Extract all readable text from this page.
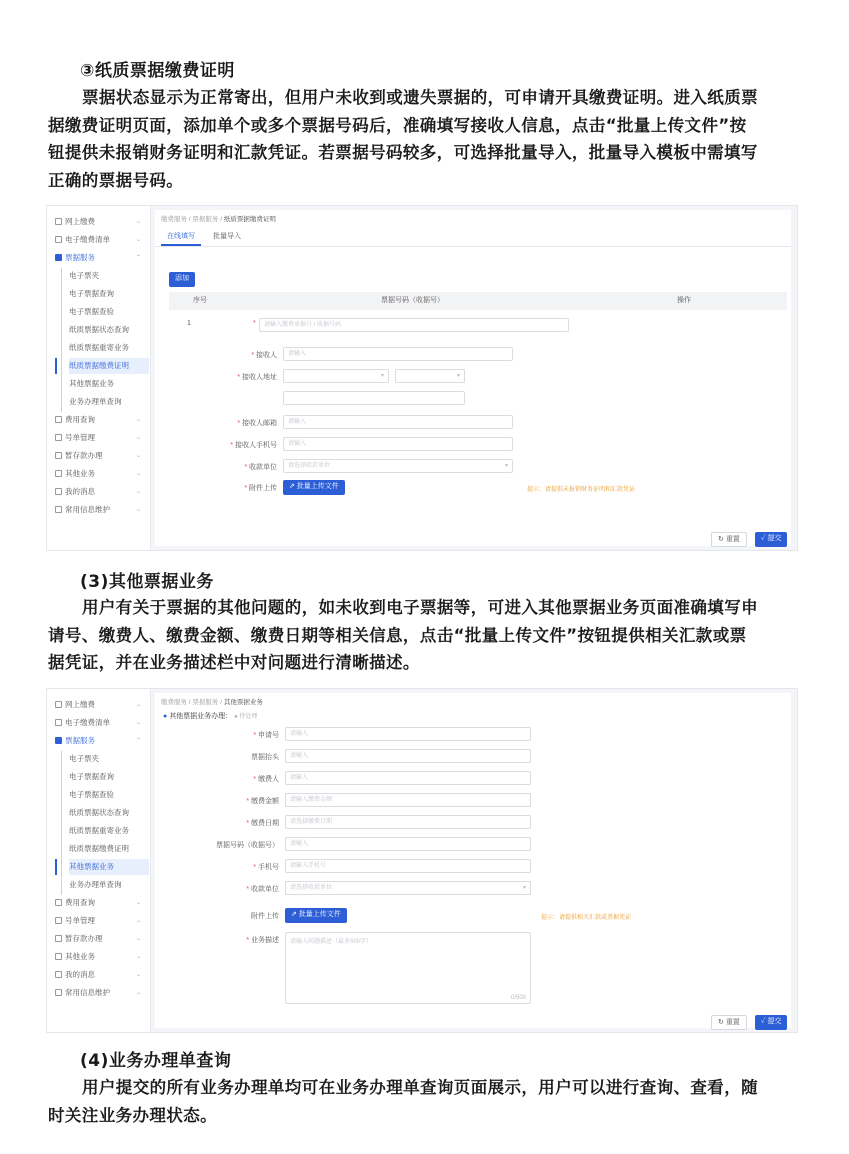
③纸质票据缴费证明
票据状态显示为正常寄出，但用户未收到或遗失票据的，可申请开具缴费证明。进入纸质票
据缴费证明页面，添加单个或多个票据号码后，准确填写接收人信息，点击“批量上传文件”按
钮提供未报销财务证明和汇款凭证。若票据号码较多，可选择批量导入，批量导入模板中需填写
正确的票据号码。
⌄
网上缴费
⌄
电子缴费清单
⌃
票据服务
电子票夹
电子票据查询
电子票据查验
纸质票据状态查询
纸质票据重寄业务
纸质票据缴费证明
其他票据业务
业务办理单查询
⌄
费用查询
⌄
号单管理
⌄
暂存款办理
⌄
其他业务
⌄
我的消息
⌄
常用信息维护
缴费服务 / 票据服务 / 纸质票据缴费证明
在线填写	批量导入
添加
序号	票据号码（收据号）	操作
1	*	请输入缴费单据号 / 收据号码
* 接收人	请输入
* 接收人地址	▾	▾
* 接收人邮箱	请输入
* 接收人手机号	请输入
* 收款单位	请选择收款单位	▾
* 附件上传	⇗ 批量上传文件	提示：请提供未报销财务证明和汇款凭证
↻ 重置	✓ 提交
(3)其他票据业务
用户有关于票据的其他问题的，如未收到电子票据等，可进入其他票据业务页面准确填写申
请号、缴费人、缴费金额、缴费日期等相关信息，点击“批量上传文件”按钮提供相关汇款或票
据凭证，并在业务描述栏中对问题进行清晰描述。
⌄
网上缴费
⌄
电子缴费清单
⌃
票据服务
电子票夹
电子票据查询
电子票据查验
纸质票据状态查询
纸质票据重寄业务
纸质票据缴费证明
其他票据业务
业务办理单查询
⌄
费用查询
⌄
号单管理
⌄
暂存款办理
⌄
其他业务
⌄
我的消息
⌄
常用信息维护
缴费服务 / 票据服务 / 其他票据业务
● 其他票据业务办理： ● 待处理
* 申请号	请输入
票据抬头	请输入
* 缴费人	请输入
* 缴费金额	请输入缴费金额
* 缴费日期	请选择缴费日期
票据号码（收据号）	请输入
* 手机号	请输入手机号
* 收款单位	请选择收款单位	▾
附件上传	⇗ 批量上传文件	提示：请提供相关汇款或票据凭证
* 业务描述	请输入问题描述（最多500字）
0/500
↻ 重置	✓ 提交
(4)业务办理单查询
用户提交的所有业务办理单均可在业务办理单查询页面展示，用户可以进行查询、查看，随
时关注业务办理状态。
